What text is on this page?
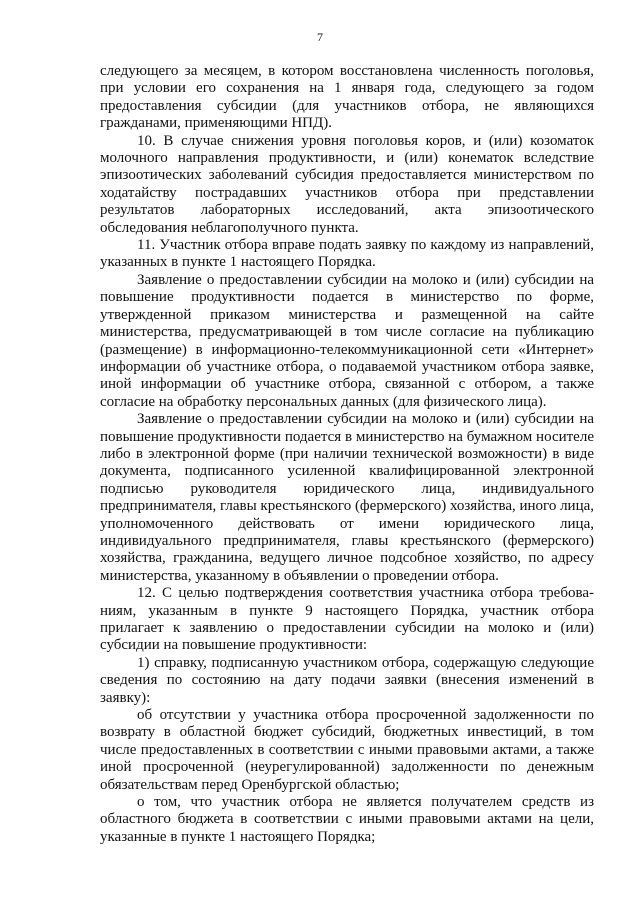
7

следующего за месяцем, в котором восстановлена численность поголовья, при условии его сохранения на 1 января года, следующего за годом предоставления субсидии (для участников отбора, не являющихся гражданами, применяющими НПД).

10. В случае снижения уровня поголовья коров, и (или) козоматок молочного направления продуктивности, и (или) конематок вследствие эпизоотических заболеваний субсидия предоставляется министерством по ходатайству пострадавших участников отбора при представлении результатов лабораторных исследований, акта эпизоотического обследования неблагополучного пункта.

11. Участник отбора вправе подать заявку по каждому из направлений, указанных в пункте 1 настоящего Порядка.

Заявление о предоставлении субсидии на молоко и (или) субсидии на повышение продуктивности подается в министерство по форме, утвержденной приказом министерства и размещенной на сайте министерства, предусматривающей в том числе согласие на публикацию (размещение) в информационно-телекоммуникационной сети «Интернет» информации об участнике отбора, о подаваемой участником отбора заявке, иной информации об участнике отбора, связанной с отбором, а также согласие на обработку персональных данных (для физического лица).

Заявление о предоставлении субсидии на молоко и (или) субсидии на повышение продуктивности подается в министерство на бумажном носителе либо в электронной форме (при наличии технической возможности) в виде документа, подписанного усиленной квалифицированной электронной подписью руководителя юридического лица, индивидуального предпринимателя, главы крестьянского (фермерского) хозяйства, иного лица, уполномоченного действовать от имени юридического лица, индивидуального предпринимателя, главы крестьянского (фермерского) хозяйства, гражданина, ведущего личное подсобное хозяйство, по адресу министерства, указанному в объявлении о проведении отбора.

12. С целью подтверждения соответствия участника отбора требованиям, указанным в пункте 9 настоящего Порядка, участник отбора прилагает к заявлению о предоставлении субсидии на молоко и (или) субсидии на повышение продуктивности:

1) справку, подписанную участником отбора, содержащую следующие сведения по состоянию на дату подачи заявки (внесения изменений в заявку):

об отсутствии у участника отбора просроченной задолженности по возврату в областной бюджет субсидий, бюджетных инвестиций, в том числе предоставленных в соответствии с иными правовыми актами, а также иной просроченной (неурегулированной) задолженности по денежным обязательствам перед Оренбургской областью;

о том, что участник отбора не является получателем средств из областного бюджета в соответствии с иными правовыми актами на цели, указанные в пункте 1 настоящего Порядка;
